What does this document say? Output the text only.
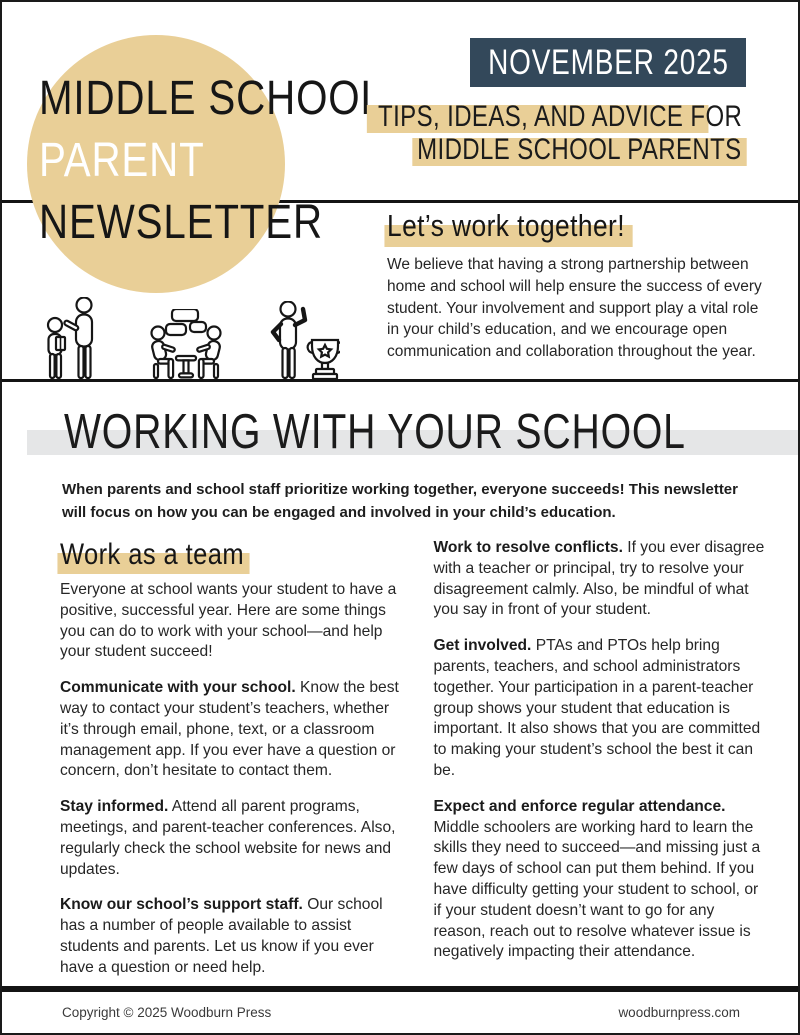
MIDDLE SCHOOL
PARENT
NEWSLETTER
NOVEMBER 2025
TIPS, IDEAS, AND ADVICE FOR
MIDDLE SCHOOL PARENTS
Let’s work together!

We believe that having a strong partnership between home and school will help ensure the success of every student. Your involvement and support play a vital role in your child’s education, and we encourage open communication and collaboration throughout the year.

WORKING WITH YOUR SCHOOL

When parents and school staff prioritize working together, everyone succeeds! This newsletter will focus on how you can be engaged and involved in your child’s education.

Work as a team

Everyone at school wants your student to have a positive, successful year. Here are some things you can do to work with your school—and help your student succeed!

Communicate with your school. Know the best way to contact your student’s teachers, whether it’s through email, phone, text, or a classroom management app. If you ever have a question or concern, don’t hesitate to contact them.

Stay informed. Attend all parent programs, meetings, and parent-teacher conferences. Also, regularly check the school website for news and updates.

Know our school’s support staff. Our school has a number of people available to assist students and parents. Let us know if you ever have a question or need help.

Work to resolve conflicts. If you ever disagree with a teacher or principal, try to resolve your disagreement calmly. Also, be mindful of what you say in front of your student.

Get involved. PTAs and PTOs help bring parents, teachers, and school administrators together. Your participation in a parent-teacher group shows your student that education is important. It also shows that you are committed to making your student’s school the best it can be.

Expect and enforce regular attendance. Middle schoolers are working hard to learn the skills they need to succeed—and missing just a few days of school can put them behind. If you have difficulty getting your student to school, or if your student doesn’t want to go for any reason, reach out to resolve whatever issue is negatively impacting their attendance.

Copyright © 2025 Woodburn Press	woodburnpress.com
